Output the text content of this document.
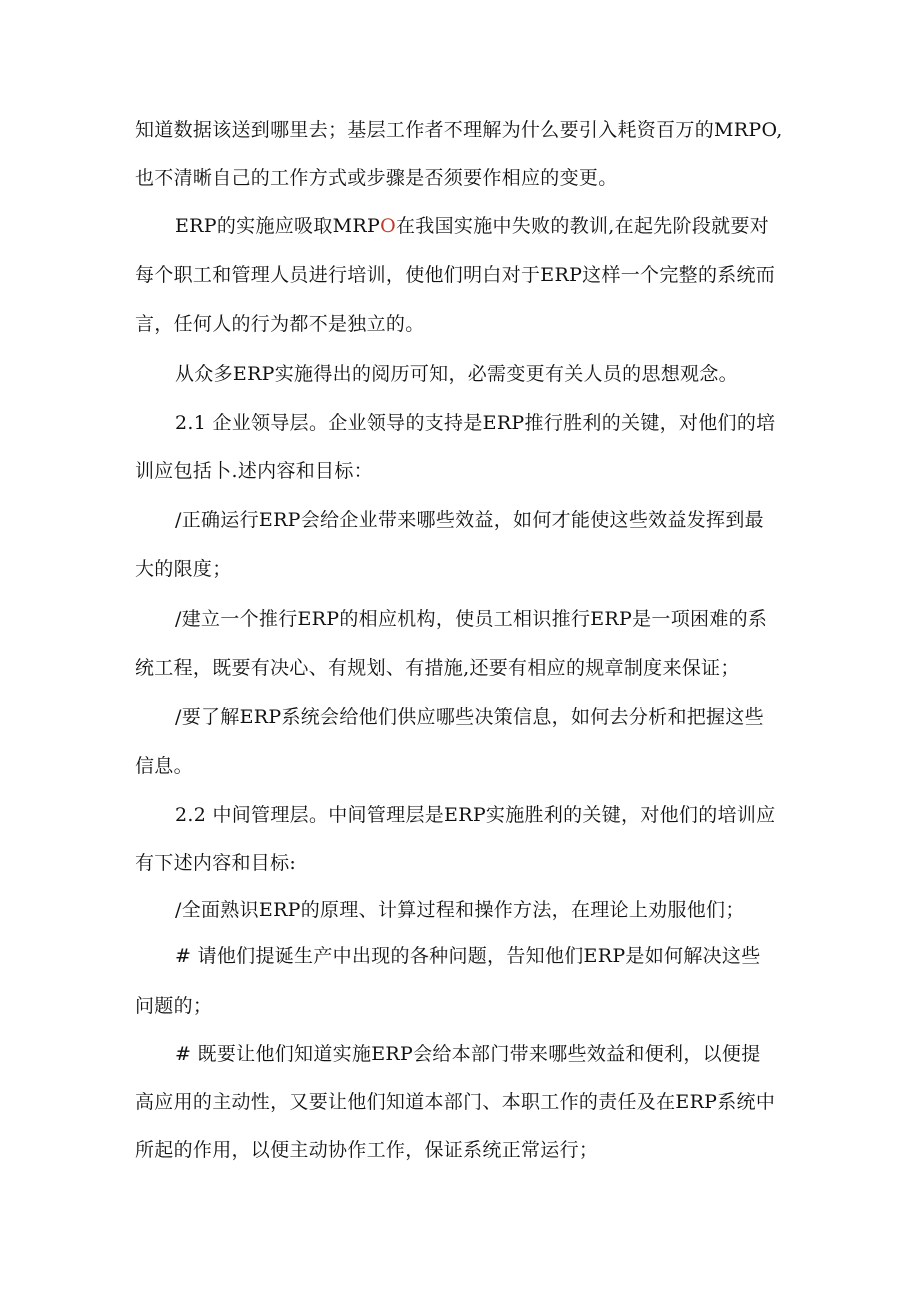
知道数据该送到哪里去；基层工作者不理解为什么要引入耗资百万的MRPO,
也不清晰自己的工作方式或步骤是否须要作相应的变更。
ERP的实施应吸取MRPO在我国实施中失败的教训,在起先阶段就要对
每个职工和管理人员进行培训，使他们明白对于ERP这样一个完整的系统而
言，任何人的行为都不是独立的。
从众多ERP实施得出的阅历可知，必需变更有关人员的思想观念。
2.1 企业领导层。企业领导的支持是ERP推行胜利的关键，对他们的培
训应包括卜.述内容和目标：
/正确运行ERP会给企业带来哪些效益，如何才能使这些效益发挥到最
大的限度；
/建立一个推行ERP的相应机构，使员工相识推行ERP是一项困难的系
统工程，既要有决心、有规划、有措施,还要有相应的规章制度来保证；
/要了解ERP系统会给他们供应哪些决策信息，如何去分析和把握这些
信息。
2.2 中间管理层。中间管理层是ERP实施胜利的关键，对他们的培训应
有下述内容和目标:
/全面熟识ERP的原理、计算过程和操作方法，在理论上劝服他们；
# 请他们提诞生产中出现的各种问题，告知他们ERP是如何解决这些
问题的；
# 既要让他们知道实施ERP会给本部门带来哪些效益和便利，以便提
高应用的主动性，又要让他们知道本部门、本职工作的责任及在ERP系统中
所起的作用，以便主动协作工作，保证系统正常运行；
